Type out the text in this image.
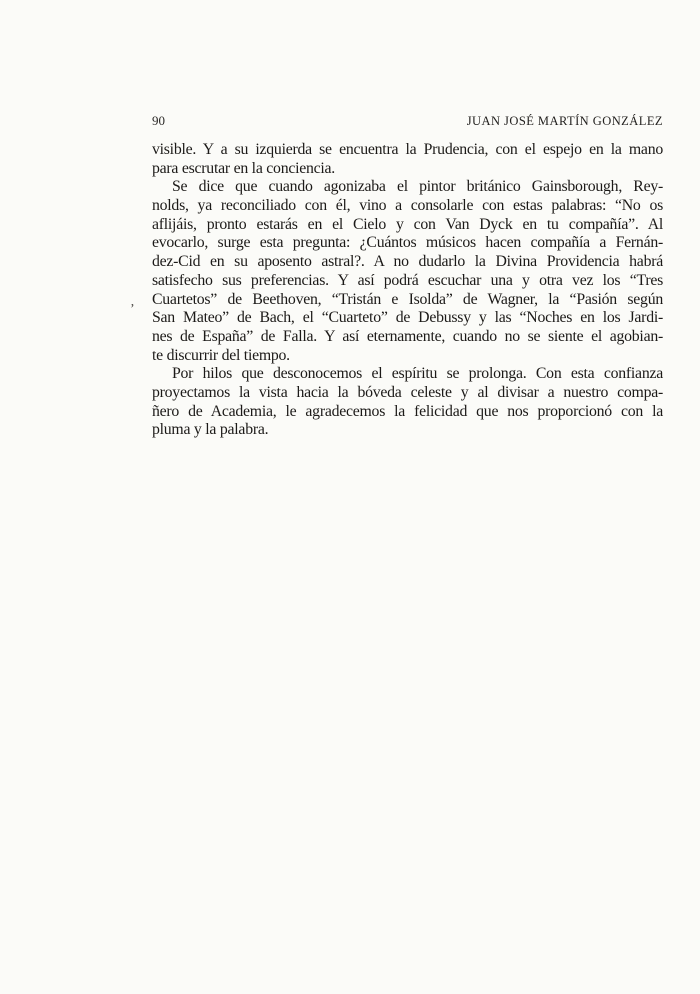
90	JUAN JOSÉ MARTÍN GONZÁLEZ
’
visible. Y a su izquierda se encuentra la Prudencia, con el espejo en la mano
para escrutar en la conciencia.
Se dice que cuando agonizaba el pintor británico Gainsborough, Rey-
nolds, ya reconciliado con él, vino a consolarle con estas palabras: “No os
aflijáis, pronto estarás en el Cielo y con Van Dyck en tu compañía”. Al
evocarlo, surge esta pregunta: ¿Cuántos músicos hacen compañía a Fernán-
dez-Cid en su aposento astral?. A no dudarlo la Divina Providencia habrá
satisfecho sus preferencias. Y así podrá escuchar una y otra vez los “Tres
Cuartetos” de Beethoven, “Tristán e Isolda” de Wagner, la “Pasión según
San Mateo” de Bach, el “Cuarteto” de Debussy y las “Noches en los Jardi-
nes de España” de Falla. Y así eternamente, cuando no se siente el agobian-
te discurrir del tiempo.
Por hilos que desconocemos el espíritu se prolonga. Con esta confianza
proyectamos la vista hacia la bóveda celeste y al divisar a nuestro compa-
ñero de Academia, le agradecemos la felicidad que nos proporcionó con la
pluma y la palabra.
